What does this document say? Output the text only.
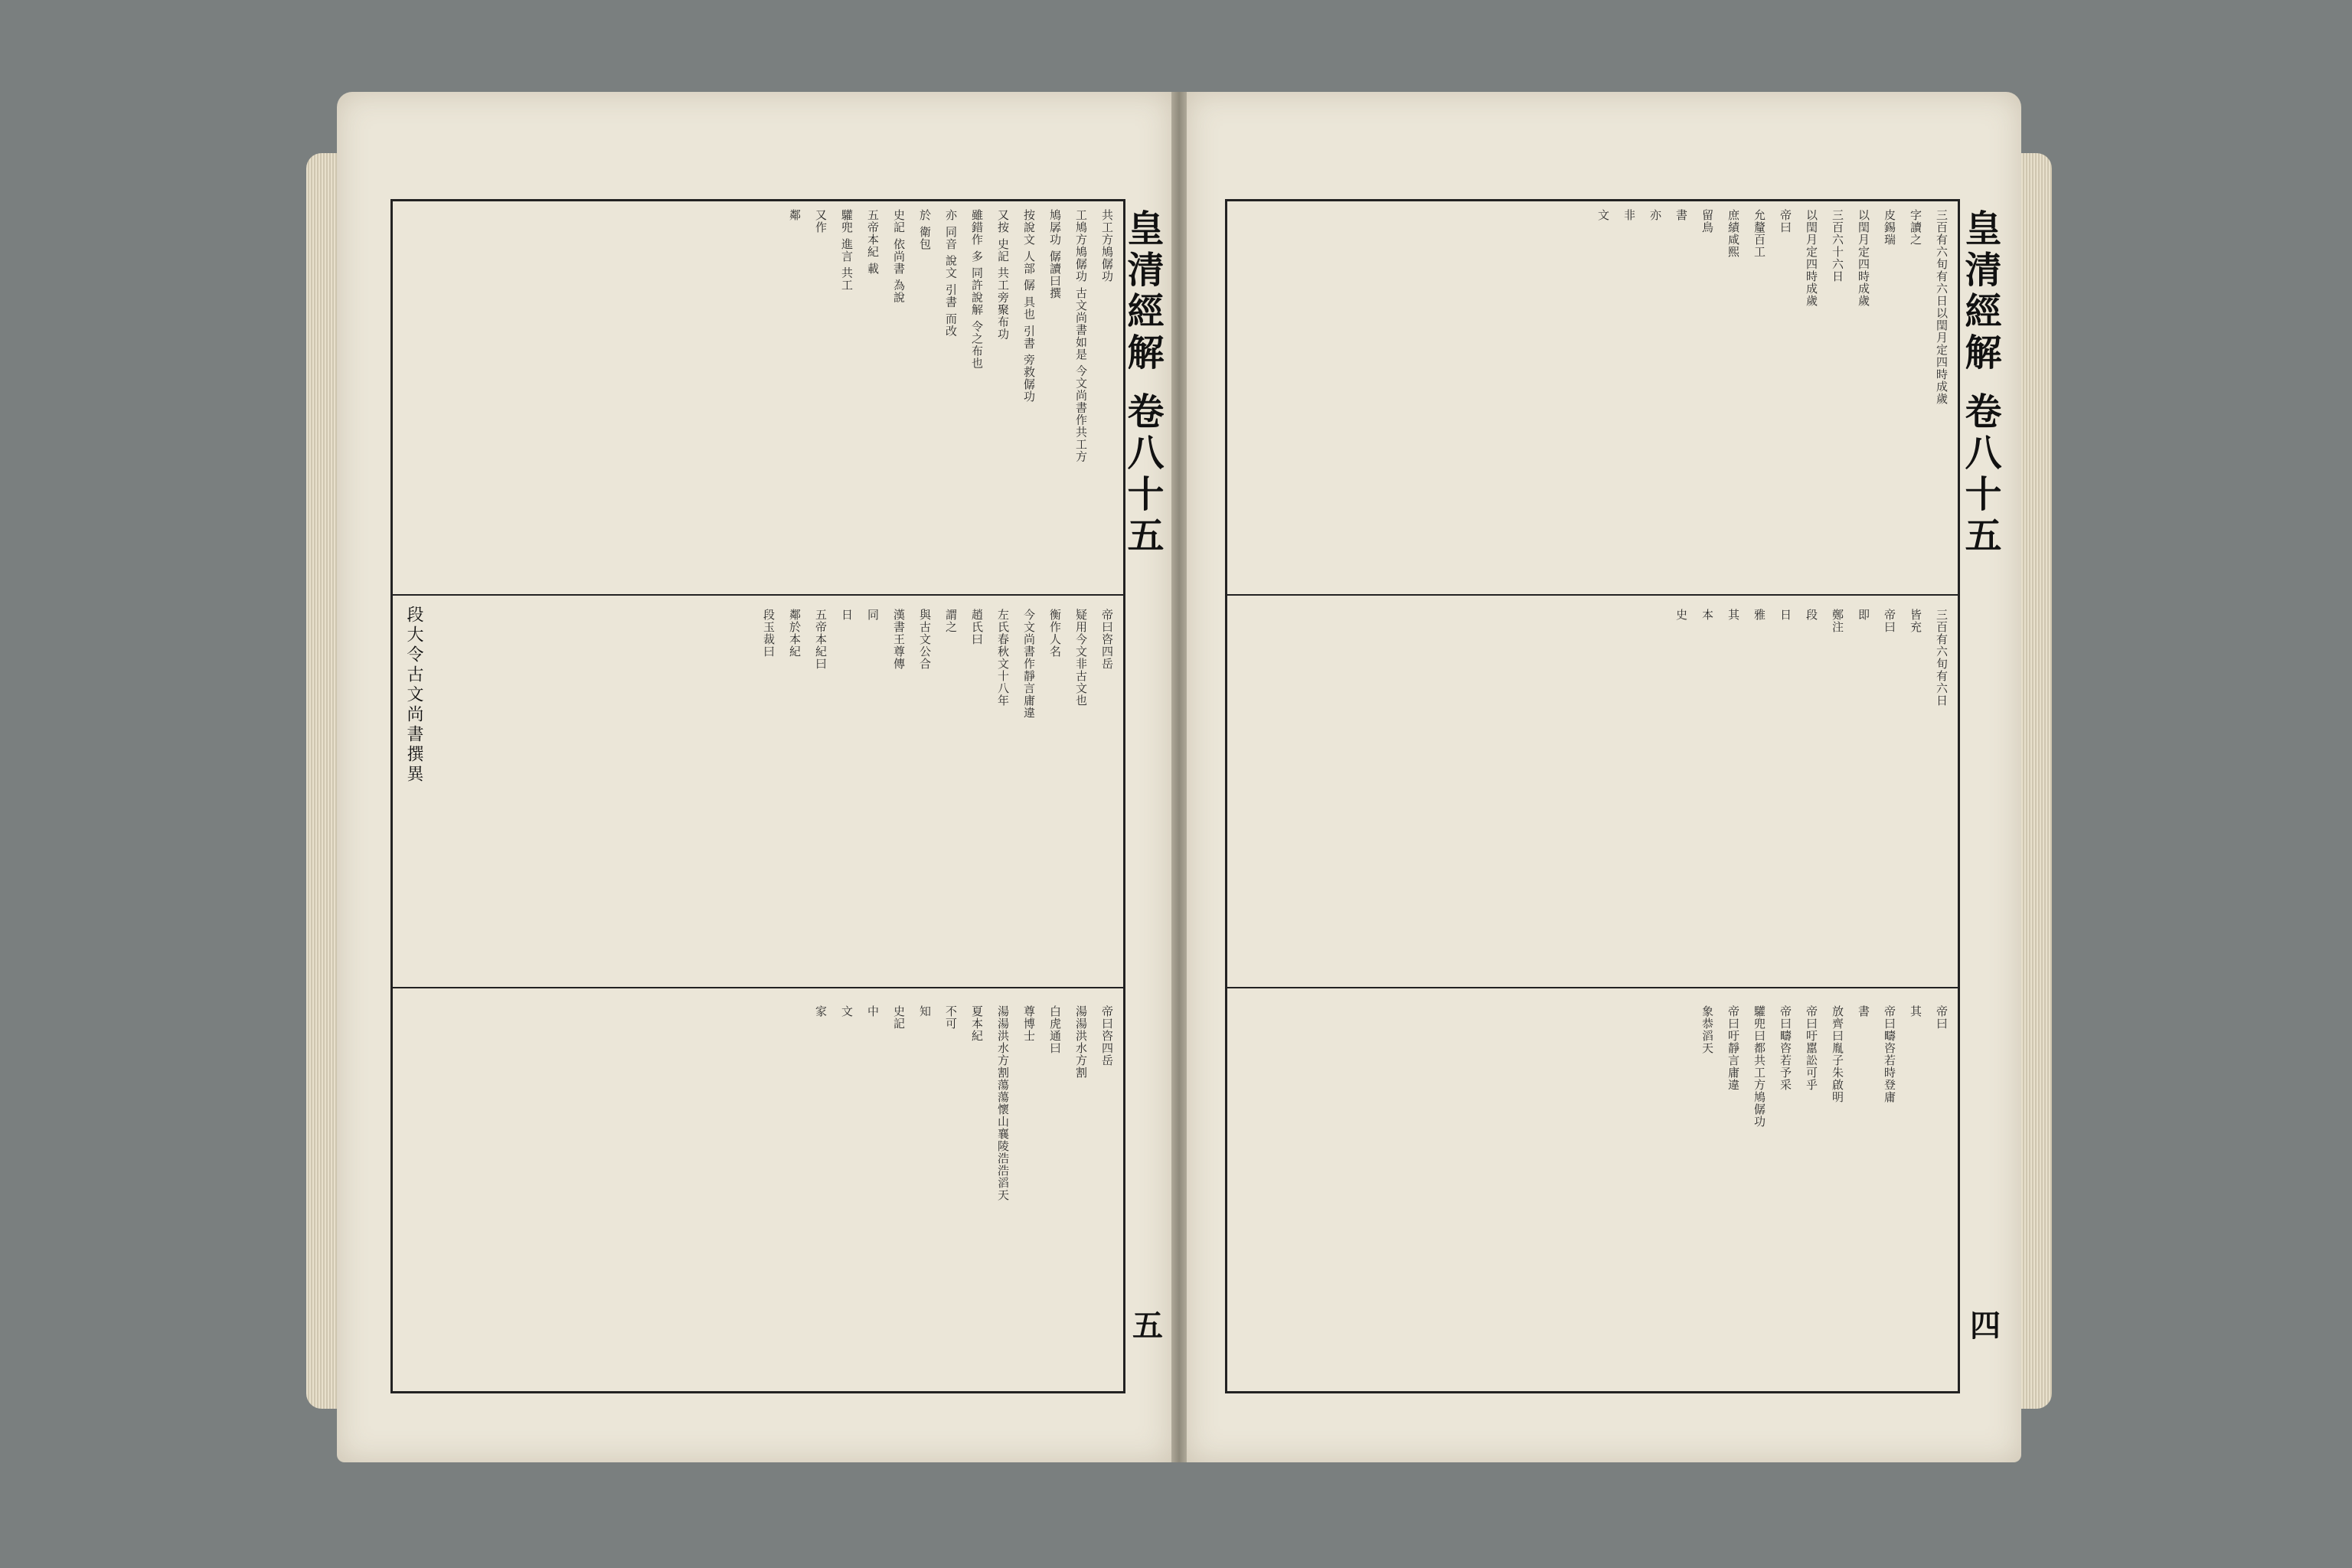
皇清經解 卷八十五
五
段大令古文尚書撰異
共工方鳩僝功
工鳩方鳩僝功 古文尚書如是 今文尚書作共工方
鳩孱功 僝讀曰撰
按說文 人部 僝 具也 引書 旁救僝功
又按 史記 共工旁聚布功
雖錯作 多 同許說解 令之布也
亦 同音 說文 引書 而改
於 衛包
史記 依尚書 為說
五帝本紀 載
驩兜 進言 共工
又作
鄰
帝曰咨四岳
疑用今文非古文也
衡作人名
今文尚書作靜言庸違
左氏春秋文十八年
趙氏曰
謂之
與古文公合
漢書王尊傳
同
日
五帝本紀曰
鄰於本紀
段玉裁曰
帝曰咨四岳
湯湯洪水方割
白虎通曰
尊博士
湯湯洪水方割蕩蕩懷山襄陵浩浩滔天
夏本紀
不可
知
史記
中
文
家
皇清經解 卷八十五
四
三百有六旬有六日以閏月定四時成歲
字讀之
皮錫瑞
以閏月定四時成歲
三百六十六日
以閏月定四時成歲
帝曰
允釐百工
庶績咸熙
留鳥
書
亦
非
文
三百有六旬有六日
皆充
帝曰
即
鄭注
段
日
雅
其
本
史
帝曰
其
帝曰疇咨若時登庸
書
放齊曰胤子朱啟明
帝曰吁嚚訟可乎
帝曰疇咨若予采
驩兜曰都共工方鳩僝功
帝曰吁靜言庸違
象恭滔天
